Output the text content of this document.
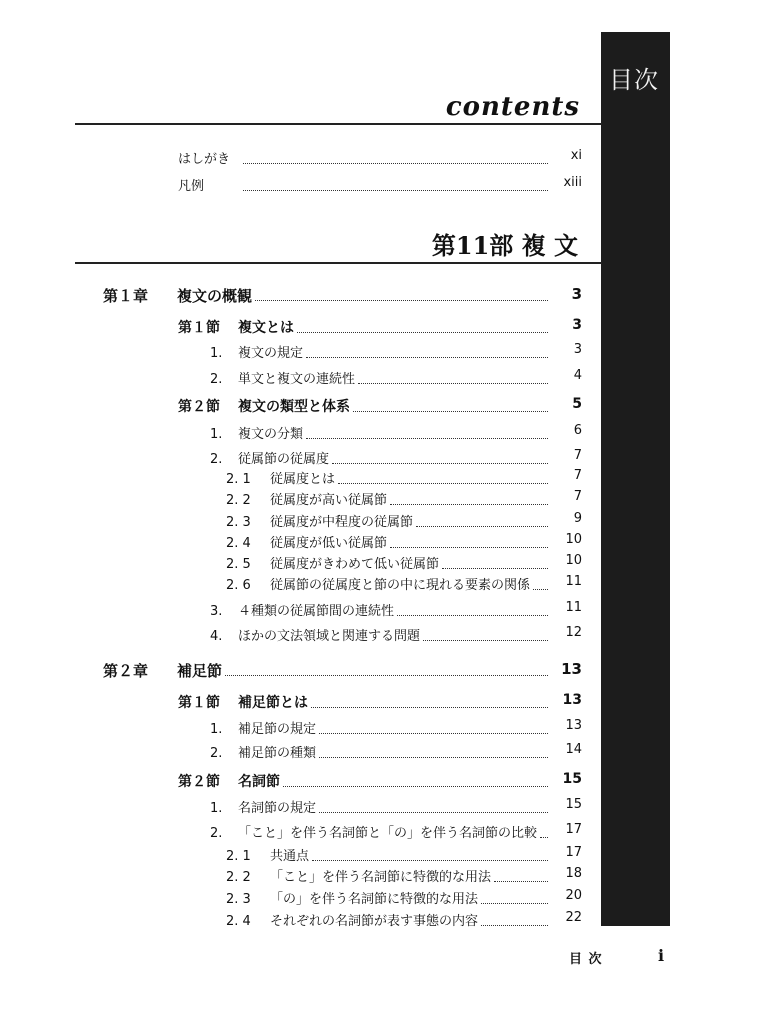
目次
contents
はしがき	xi
凡例	xiii
第11部 複 文
第１章	複文の概観	3
第１節	複文とは	3
1.	複文の規定	3
2.	単文と複文の連続性	4
第２節	複文の類型と体系	5
1.	複文の分類	6
2.	従属節の従属度	7
2. 1	従属度とは	7
2. 2	従属度が高い従属節	7
2. 3	従属度が中程度の従属節	9
2. 4	従属度が低い従属節	10
2. 5	従属度がきわめて低い従属節	10
2. 6	従属節の従属度と節の中に現れる要素の関係	11
3.	４種類の従属節間の連続性	11
4.	ほかの文法領域と関連する問題	12
第２章	補足節	13
第１節	補足節とは	13
1.	補足節の規定	13
2.	補足節の種類	14
第２節	名詞節	15
1.	名詞節の規定	15
2.	「こと」を伴う名詞節と「の」を伴う名詞節の比較	17
2. 1	共通点	17
2. 2	「こと」を伴う名詞節に特徴的な用法	18
2. 3	「の」を伴う名詞節に特徴的な用法	20
2. 4	それぞれの名詞節が表す事態の内容	22
目 次	i
